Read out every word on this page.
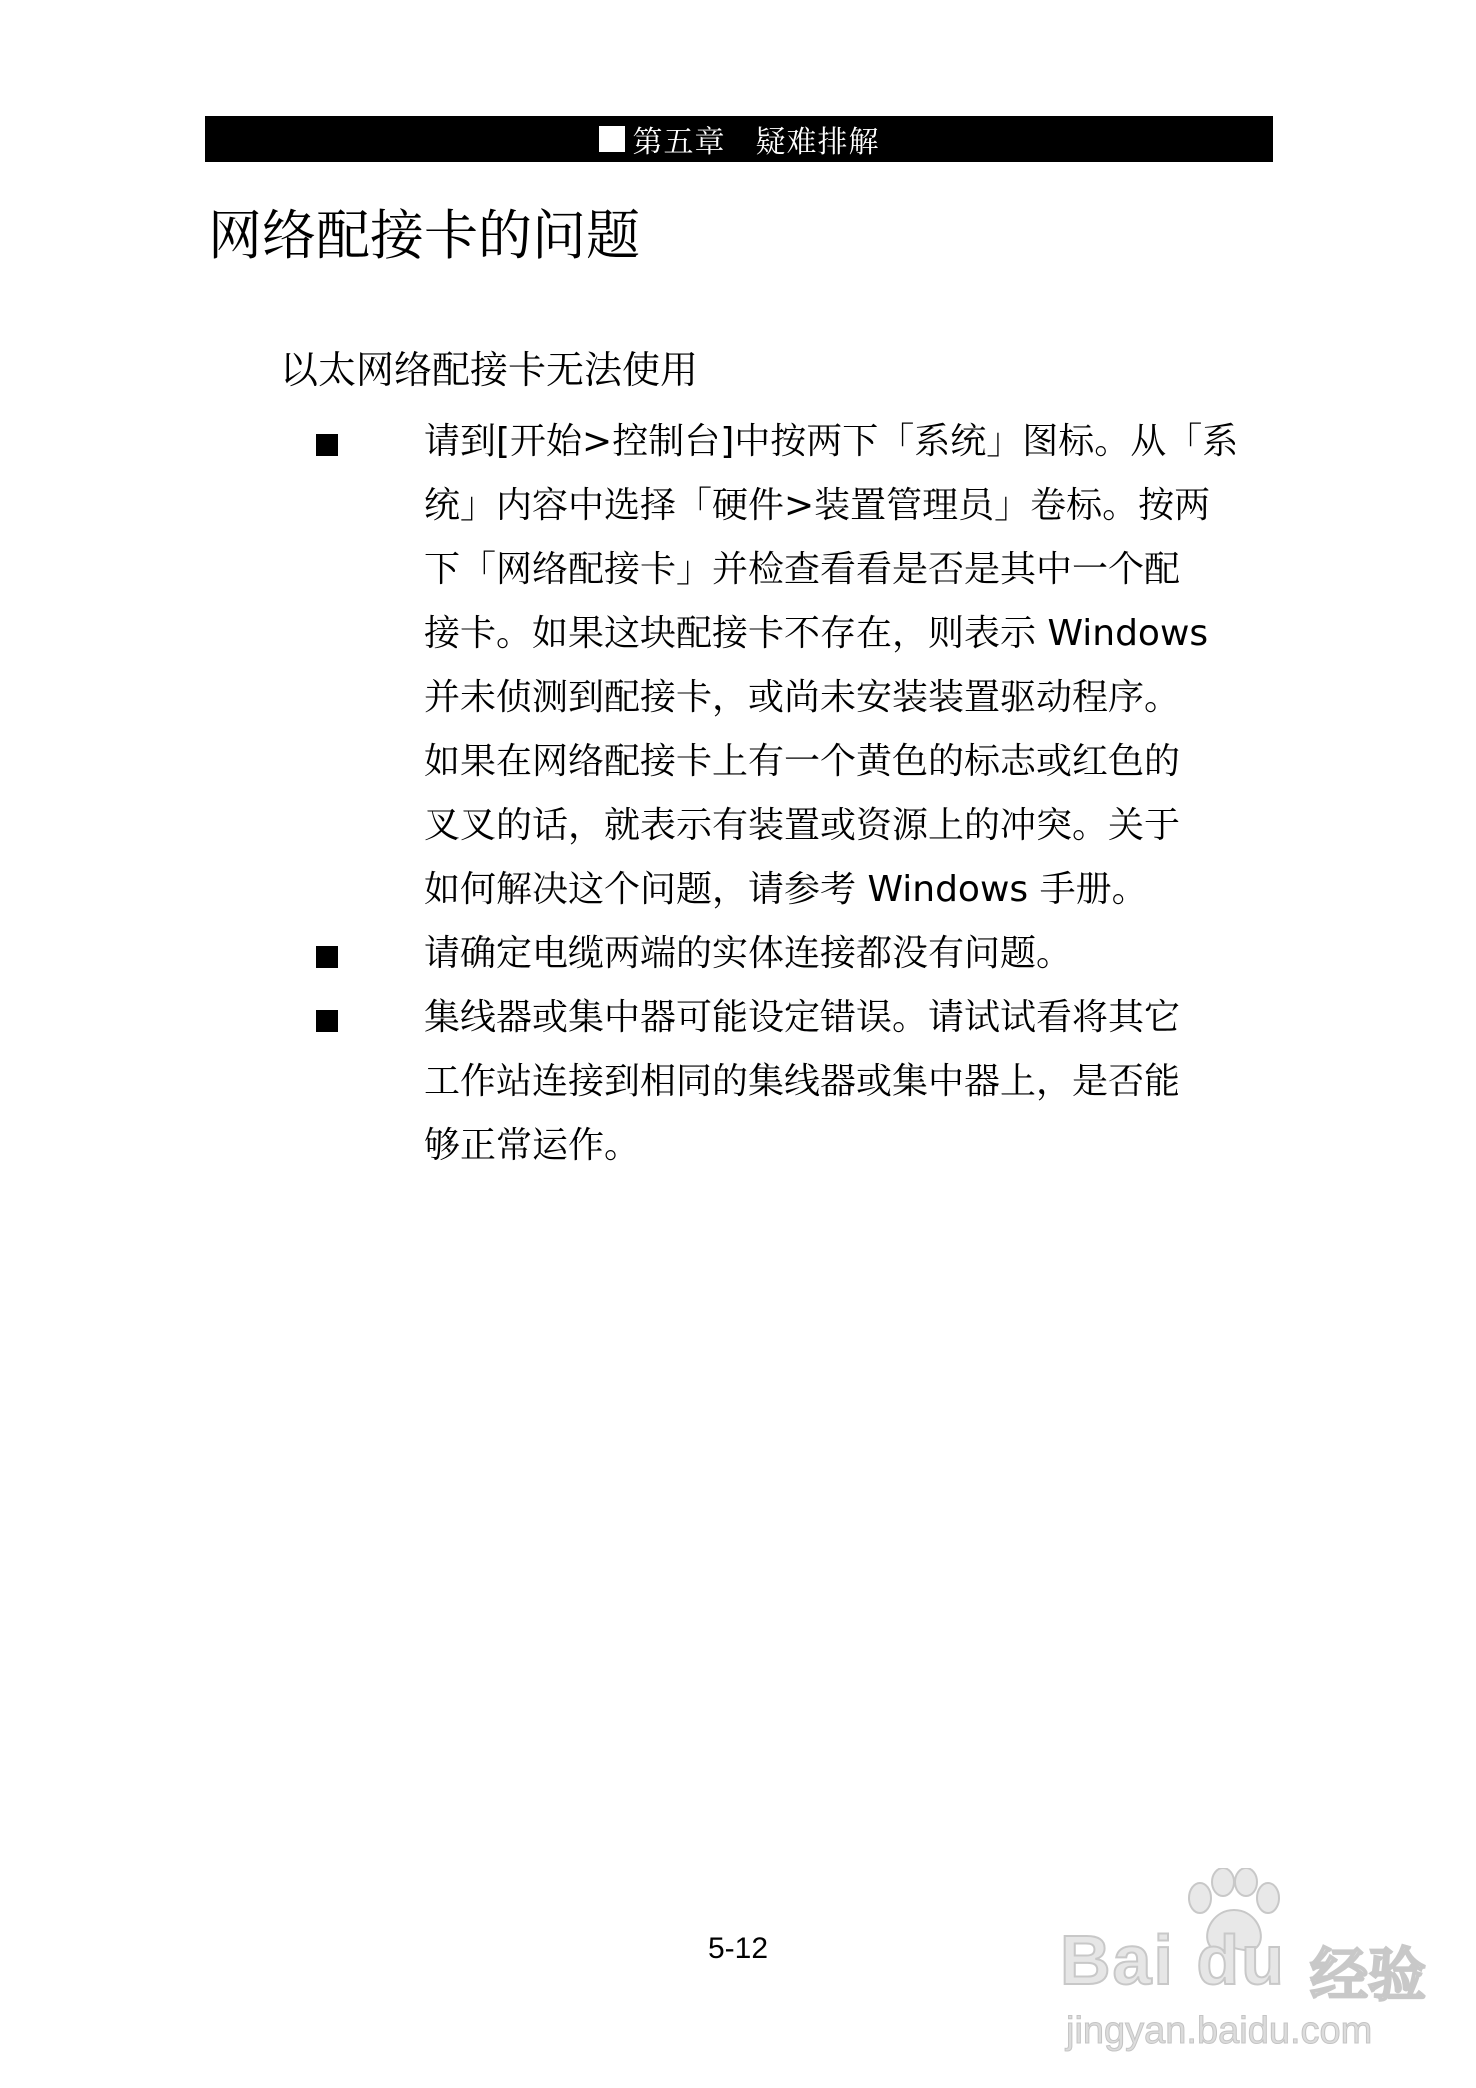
第五章 疑难排解
网络配接卡的问题
以太网络配接卡无法使用
请到[开始>控制台]中按两下「系统」图标。从「系
统」内容中选择「硬件>装置管理员」卷标。按两
下「网络配接卡」并检查看看是否是其中一个配
接卡。如果这块配接卡不存在，则表示 Windows
并未侦测到配接卡，或尚未安装装置驱动程序。
如果在网络配接卡上有一个黄色的标志或红色的
叉叉的话，就表示有装置或资源上的冲突。关于
如何解决这个问题，请参考 Windows 手册。
请确定电缆两端的实体连接都没有问题。
集线器或集中器可能设定错误。请试试看将其它
工作站连接到相同的集线器或集中器上，是否能
够正常运作。
5-12	Bai du 经验
jingyan.baidu.com
